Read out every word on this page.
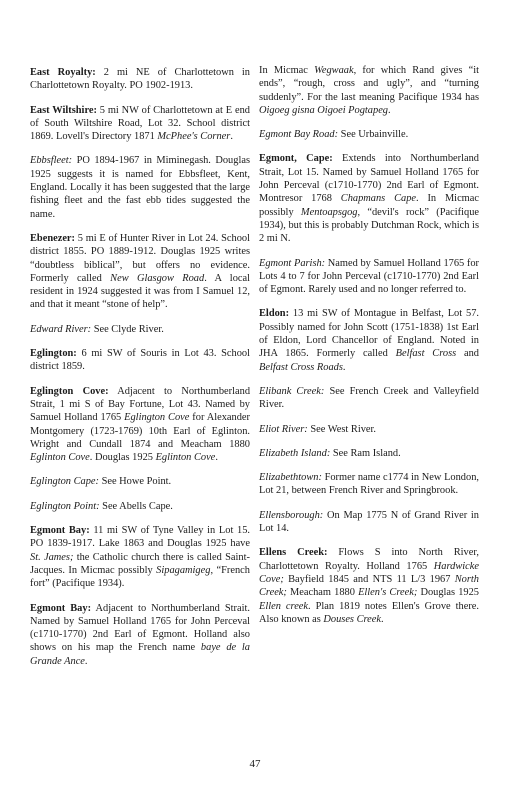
East Royalty: 2 mi NE of Charlottetown in Charlottetown Royalty. PO 1902-1913.

East Wiltshire: 5 mi NW of Charlottetown at E end of South Wiltshire Road, Lot 32. School district 1869. Lovell's Directory 1871 McPhee's Corner.

Ebbsfleet: PO 1894-1967 in Miminegash. Douglas 1925 suggests it is named for Ebbsfleet, Kent, England. Locally it has been suggested that the large fishing fleet and the fast ebb tides suggested the name.

Ebenezer: 5 mi E of Hunter River in Lot 24. School district 1855. PO 1889-1912. Douglas 1925 writes “doubtless biblical”, but offers no evidence. Formerly called New Glasgow Road. A local resident in 1924 suggested it was from I Samuel 12, and that it meant “stone of help”.

Edward River: See Clyde River.

Eglington: 6 mi SW of Souris in Lot 43. School district 1859.

Eglington Cove: Adjacent to Northumberland Strait, 1 mi S of Bay Fortune, Lot 43. Named by Samuel Holland 1765 Eglington Cove for Alexander Montgomery (1723-1769) 10th Earl of Eglinton. Wright and Cundall 1874 and Meacham 1880 Eglinton Cove. Douglas 1925 Eglinton Cove.

Eglington Cape: See Howe Point.

Eglington Point: See Abells Cape.

Egmont Bay: 11 mi SW of Tyne Valley in Lot 15. PO 1839-1917. Lake 1863 and Douglas 1925 have St. James; the Catholic church there is called Saint-Jacques. In Micmac possibly Sipagamigeg, “French fort” (Pacifique 1934).

Egmont Bay: Adjacent to Northumberland Strait. Named by Samuel Holland 1765 for John Perceval (c1710-1770) 2nd Earl of Egmont. Holland also shows on his map the French name baye de la Grande Ance.

In Micmac Wegwaak, for which Rand gives “it ends”, “rough, cross and ugly”, and “turning suddenly”. For the last meaning Pacifique 1934 has Oigoeg gisna Oigoei Pogtapeg.

Egmont Bay Road: See Urbainville.

Egmont, Cape: Extends into Northumberland Strait, Lot 15. Named by Samuel Holland 1765 for John Perceval (c1710-1770) 2nd Earl of Egmont. Montresor 1768 Chapmans Cape. In Micmac possibly Mentoapsgog, “devil's rock” (Pacifique 1934), but this is probably Dutchman Rock, which is 2 mi N.

Egmont Parish: Named by Samuel Holland 1765 for Lots 4 to 7 for John Perceval (c1710-1770) 2nd Earl of Egmont. Rarely used and no longer referred to.

Eldon: 13 mi SW of Montague in Belfast, Lot 57. Possibly named for John Scott (1751-1838) 1st Earl of Eldon, Lord Chancellor of England. Noted in JHA 1865. Formerly called Belfast Cross and Belfast Cross Roads.

Elibank Creek: See French Creek and Valleyfield River.

Eliot River: See West River.

Elizabeth Island: See Ram Island.

Elizabethtown: Former name c1774 in New London, Lot 21, between French River and Springbrook.

Ellensborough: On Map 1775 N of Grand River in Lot 14.

Ellens Creek: Flows S into North River, Charlottetown Royalty. Holland 1765 Hardwicke Cove; Bayfield 1845 and NTS 11 L/3 1967 North Creek; Meacham 1880 Ellen's Creek; Douglas 1925 Ellen creek. Plan 1819 notes Ellen's Grove there. Also known as Douses Creek.

47
